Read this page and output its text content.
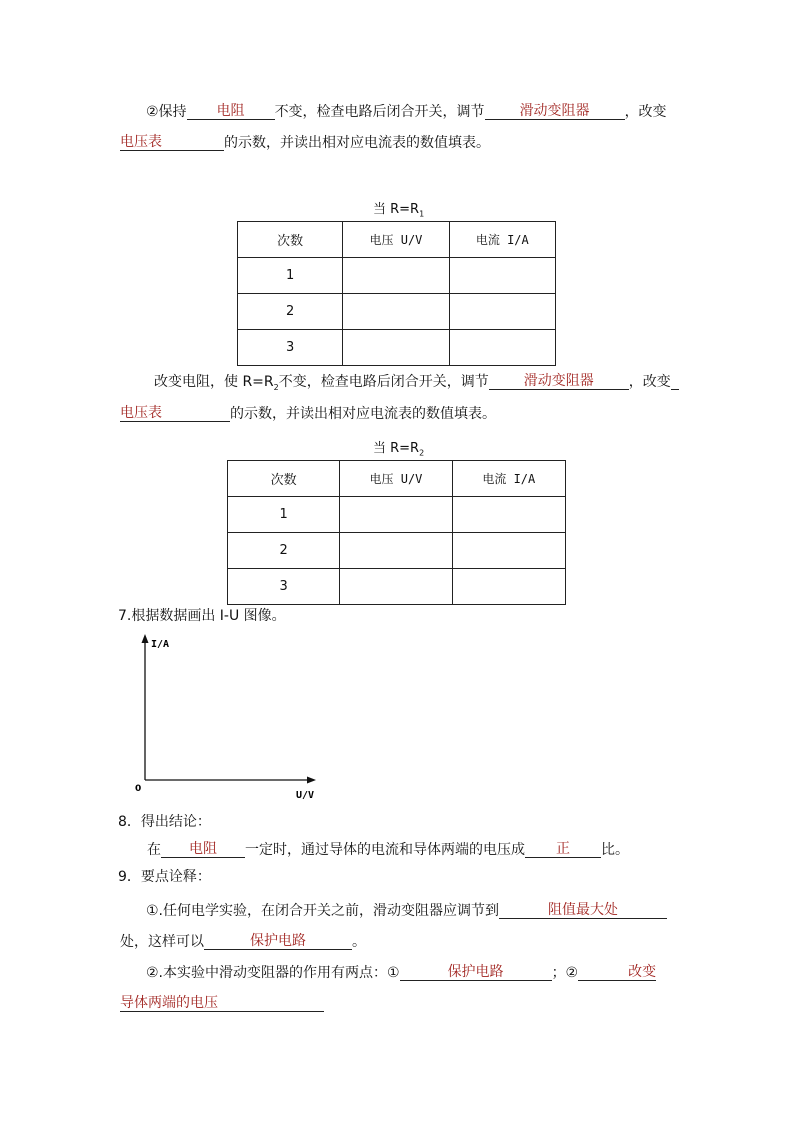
②保持 电阻 不变，检查电路后闭合开关，调节	滑动变阻器	，改变
电压表	的示数，并读出相对应电流表的数值填表。
当 $R=R_1$
次数	电压 U/V	电流 I/A
1		
2		
3		
改变电阻，使 $R=R_2$不变，检查电路后闭合开关，调节	滑动变阻器	，改变
电压表	的示数，并读出相对应电流表的数值填表。
当 $R=R_2$
次数	电压 U/V	电流 I/A
1		
2		
3		
7.根据数据画出 I-U 图像。
I/A
U/V
0
8．得出结论：
在 电阻 一定时，通过导体的电流和导体两端的电压成 正 比。
9．要点诠释：
①.任何电学实验，在闭合开关之前，滑动变阻器应调节到	阻值最大处
处，这样可以	保护电路	。
②.本实验中滑动变阻器的作用有两点：①	保护电路	；②	改变
导体两端的电压
